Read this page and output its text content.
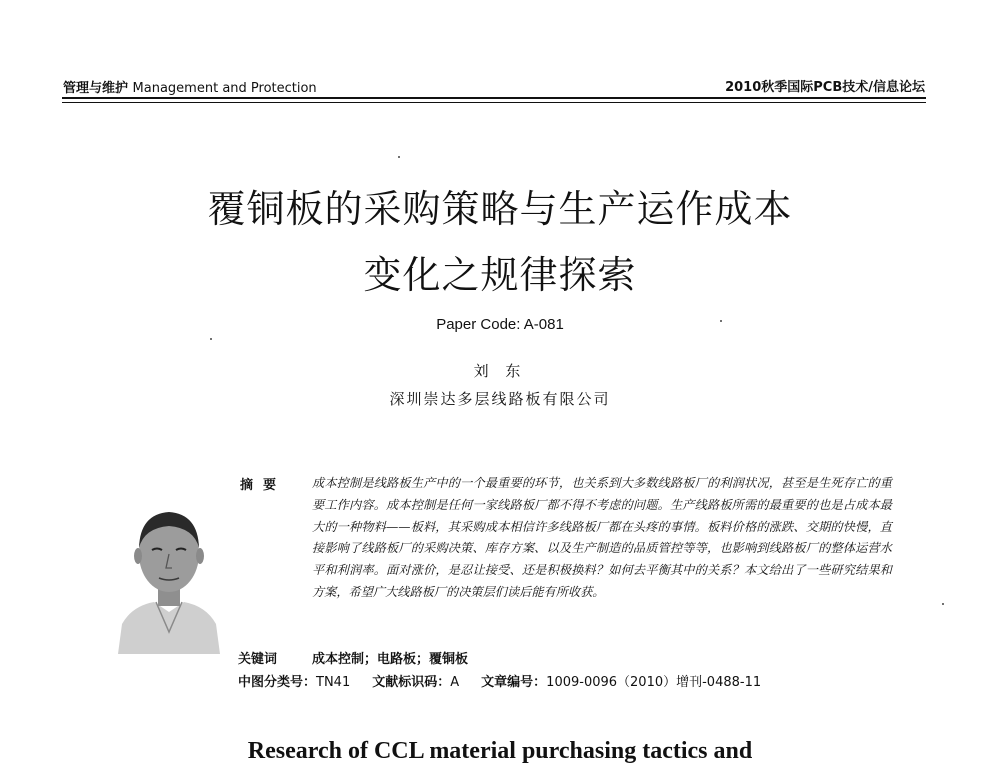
管理与维护 Management and Protection	2010秋季国际PCB技术/信息论坛
覆铜板的采购策略与生产运作成本
变化之规律探索
Paper Code: A-081
刘 东
深圳崇达多层线路板有限公司
摘要 成本控制是线路板生产中的一个最重要的环节，也关系到大多数线路板厂的利润状况，甚至是生死存亡的重要工作内容。成本控制是任何一家线路板厂都不得不考虑的问题。生产线路板所需的最重要的也是占成本最大的一种物料——板料，其采购成本相信许多线路板厂都在头疼的事情。板料价格的涨跌、交期的快慢，直接影响了线路板厂的采购决策、库存方案、以及生产制造的品质管控等等，也影响到线路板厂的整体运营水平和利润率。面对涨价，是忍让接受、还是积极换料？如何去平衡其中的关系？本文给出了一些研究结果和方案，希望广大线路板厂的决策层们读后能有所收获。

关键词	成本控制；电路板；覆铜板
中图分类号：TN41 文献标识码：A 文章编号：1009-0096（2010）增刊-0488-11
Research of CCL material purchasing tactics and
